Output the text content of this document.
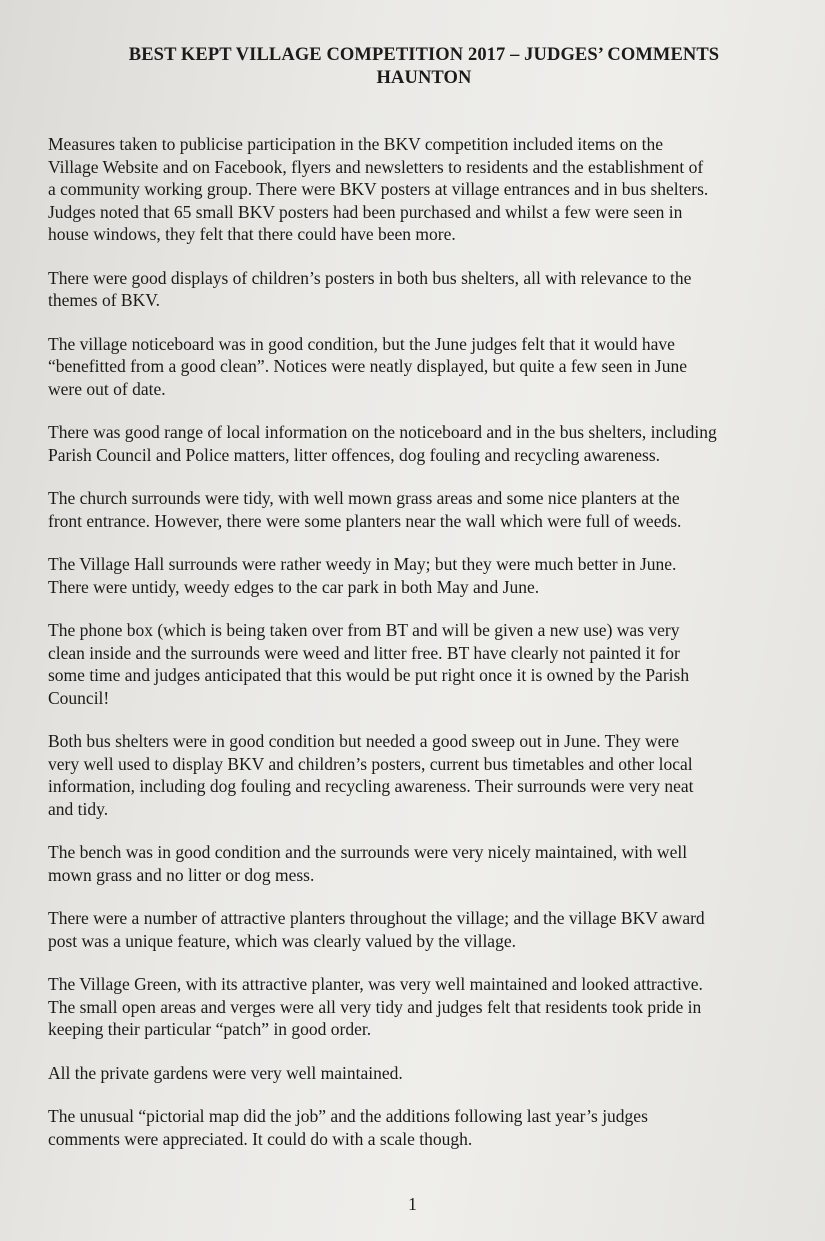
BEST KEPT VILLAGE COMPETITION 2017 – JUDGES’ COMMENTS
HAUNTON
Measures taken to publicise participation in the BKV competition included items on the
Village Website and on Facebook, flyers and newsletters to residents and the establishment of
a community working group. There were BKV posters at village entrances and in bus shelters.
Judges noted that 65 small BKV posters had been purchased and whilst a few were seen in
house windows, they felt that there could have been more.
There were good displays of children’s posters in both bus shelters, all with relevance to the
themes of BKV.
The village noticeboard was in good condition, but the June judges felt that it would have
“benefitted from a good clean”. Notices were neatly displayed, but quite a few seen in June
were out of date.
There was good range of local information on the noticeboard and in the bus shelters, including
Parish Council and Police matters, litter offences, dog fouling and recycling awareness.
The church surrounds were tidy, with well mown grass areas and some nice planters at the
front entrance. However, there were some planters near the wall which were full of weeds.
The Village Hall surrounds were rather weedy in May; but they were much better in June.
There were untidy, weedy edges to the car park in both May and June.
The phone box (which is being taken over from BT and will be given a new use) was very
clean inside and the surrounds were weed and litter free. BT have clearly not painted it for
some time and judges anticipated that this would be put right once it is owned by the Parish
Council!
Both bus shelters were in good condition but needed a good sweep out in June. They were
very well used to display BKV and children’s posters, current bus timetables and other local
information, including dog fouling and recycling awareness. Their surrounds were very neat
and tidy.
The bench was in good condition and the surrounds were very nicely maintained, with well
mown grass and no litter or dog mess.
There were a number of attractive planters throughout the village; and the village BKV award
post was a unique feature, which was clearly valued by the village.
The Village Green, with its attractive planter, was very well maintained and looked attractive.
The small open areas and verges were all very tidy and judges felt that residents took pride in
keeping their particular “patch” in good order.
All the private gardens were very well maintained.
The unusual “pictorial map did the job” and the additions following last year’s judges
comments were appreciated. It could do with a scale though.
1
